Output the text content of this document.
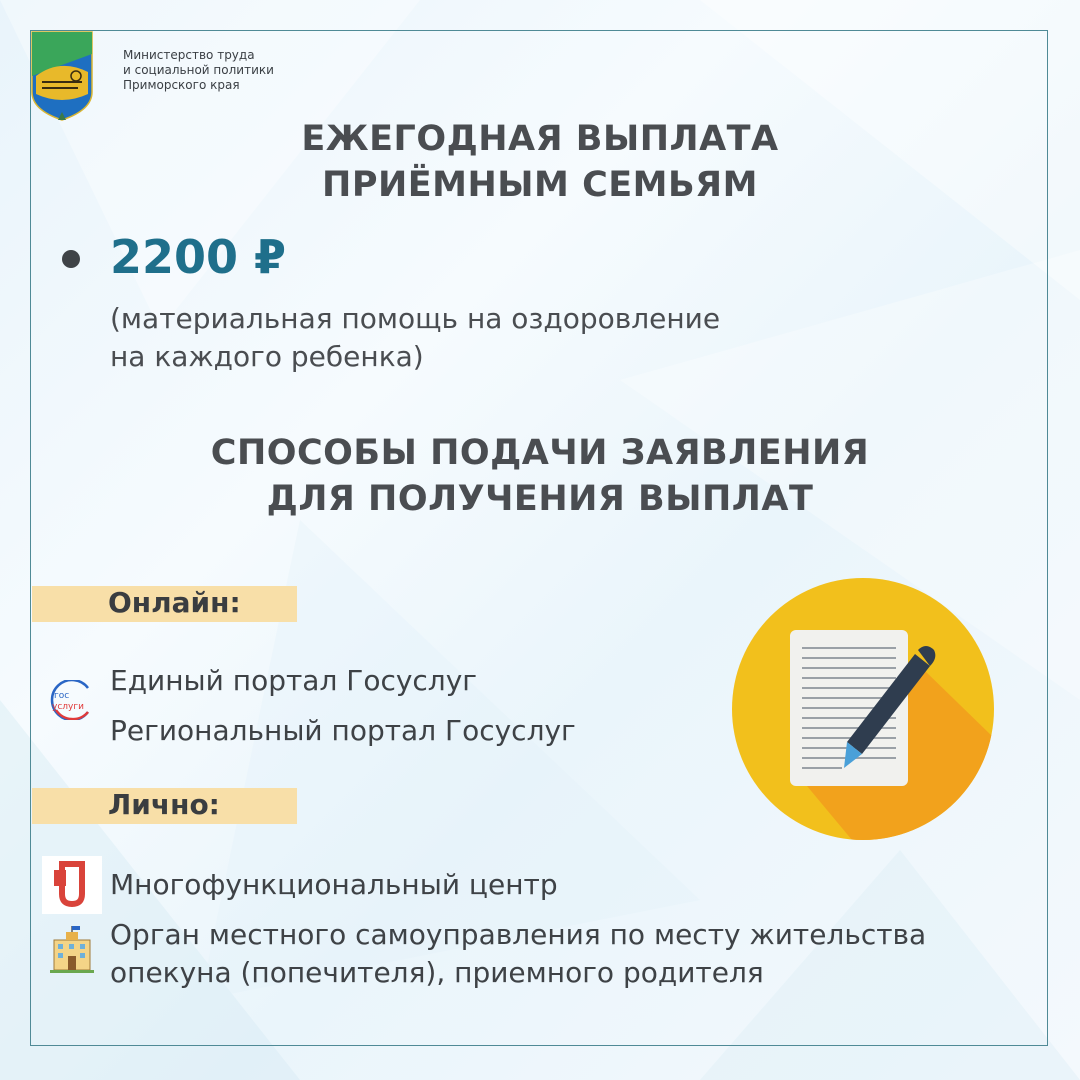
Министерство труда
и социальной политики
Приморского края
ЕЖЕГОДНАЯ ВЫПЛАТА
ПРИЁМНЫМ СЕМЬЯМ
2200 ₽
(материальная помощь на оздоровление
на каждого ребенка)
СПОСОБЫ ПОДАЧИ ЗАЯВЛЕНИЯ
ДЛЯ ПОЛУЧЕНИЯ ВЫПЛАТ
Онлайн:
гос
услуги
Единый портал Госуслуг
Региональный портал Госуслуг
Лично:
Многофункциональный центр
Орган местного самоуправления по месту жительства
опекуна (попечителя), приемного родителя
